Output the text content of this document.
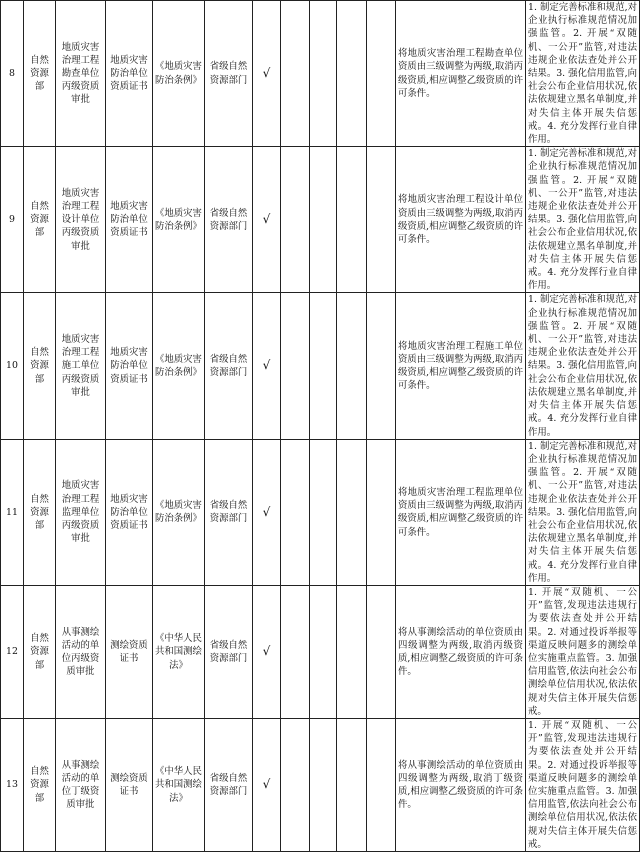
8	自然资源部	地质灾害治理工程勘查单位丙级资质审批	地质灾害防治单位资质证书	《地质灾害防治条例》	省级自然资源部门	√					将地质灾害治理工程勘查单位资质由三级调整为两级,取消丙级资质,相应调整乙级资质的许可条件。	1. 制定完善标准和规范,对企业执行标准规范情况加强监管。2. 开展“双随机、一公开”监管,对违法违规企业依法查处并公开结果。3. 强化信用监管,向社会公布企业信用状况,依法依规建立黑名单制度,并对失信主体开展失信惩戒。4. 充分发挥行业自律作用。
9	自然资源部	地质灾害治理工程设计单位丙级资质审批	地质灾害防治单位资质证书	《地质灾害防治条例》	省级自然资源部门	√					将地质灾害治理工程设计单位资质由三级调整为两级,取消丙级资质,相应调整乙级资质的许可条件。	1. 制定完善标准和规范,对企业执行标准规范情况加强监管。2. 开展“双随机、一公开”监管,对违法违规企业依法查处并公开结果。3. 强化信用监管,向社会公布企业信用状况,依法依规建立黑名单制度,并对失信主体开展失信惩戒。4. 充分发挥行业自律作用。
10	自然资源部	地质灾害治理工程施工单位丙级资质审批	地质灾害防治单位资质证书	《地质灾害防治条例》	省级自然资源部门	√					将地质灾害治理工程施工单位资质由三级调整为两级,取消丙级资质,相应调整乙级资质的许可条件。	1. 制定完善标准和规范,对企业执行标准规范情况加强监管。2. 开展“双随机、一公开”监管,对违法违规企业依法查处并公开结果。3. 强化信用监管,向社会公布企业信用状况,依法依规建立黑名单制度,并对失信主体开展失信惩戒。4. 充分发挥行业自律作用。
11	自然资源部	地质灾害治理工程监理单位丙级资质审批	地质灾害防治单位资质证书	《地质灾害防治条例》	省级自然资源部门	√					将地质灾害治理工程监理单位资质由三级调整为两级,取消丙级资质,相应调整乙级资质的许可条件。	1. 制定完善标准和规范,对企业执行标准规范情况加强监管。2. 开展“双随机、一公开”监管,对违法违规企业依法查处并公开结果。3. 强化信用监管,向社会公布企业信用状况,依法依规建立黑名单制度,并对失信主体开展失信惩戒。4. 充分发挥行业自律作用。
12	自然资源部	从事测绘活动的单位丙级资质审批	测绘资质证书	《中华人民共和国测绘法》	省级自然资源部门	√					将从事测绘活动的单位资质由四级调整为两级,取消丙级资质,相应调整乙级资质的许可条件。	1. 开展“双随机、一公开”监管,发现违法违规行为要依法查处并公开结果。2. 对通过投诉举报等渠道反映问题多的测绘单位实施重点监管。3. 加强信用监管,依法向社会公布测绘单位信用状况,依法依规对失信主体开展失信惩戒。
13	自然资源部	从事测绘活动的单位丁级资质审批	测绘资质证书	《中华人民共和国测绘法》	省级自然资源部门	√					将从事测绘活动的单位资质由四级调整为两级,取消丁级资质,相应调整乙级资质的许可条件。	1. 开展“双随机、一公开”监管,发现违法违规行为要依法查处并公开结果。2. 对通过投诉举报等渠道反映问题多的测绘单位实施重点监管。3. 加强信用监管,依法向社会公布测绘单位信用状况,依法依规对失信主体开展失信惩戒。
